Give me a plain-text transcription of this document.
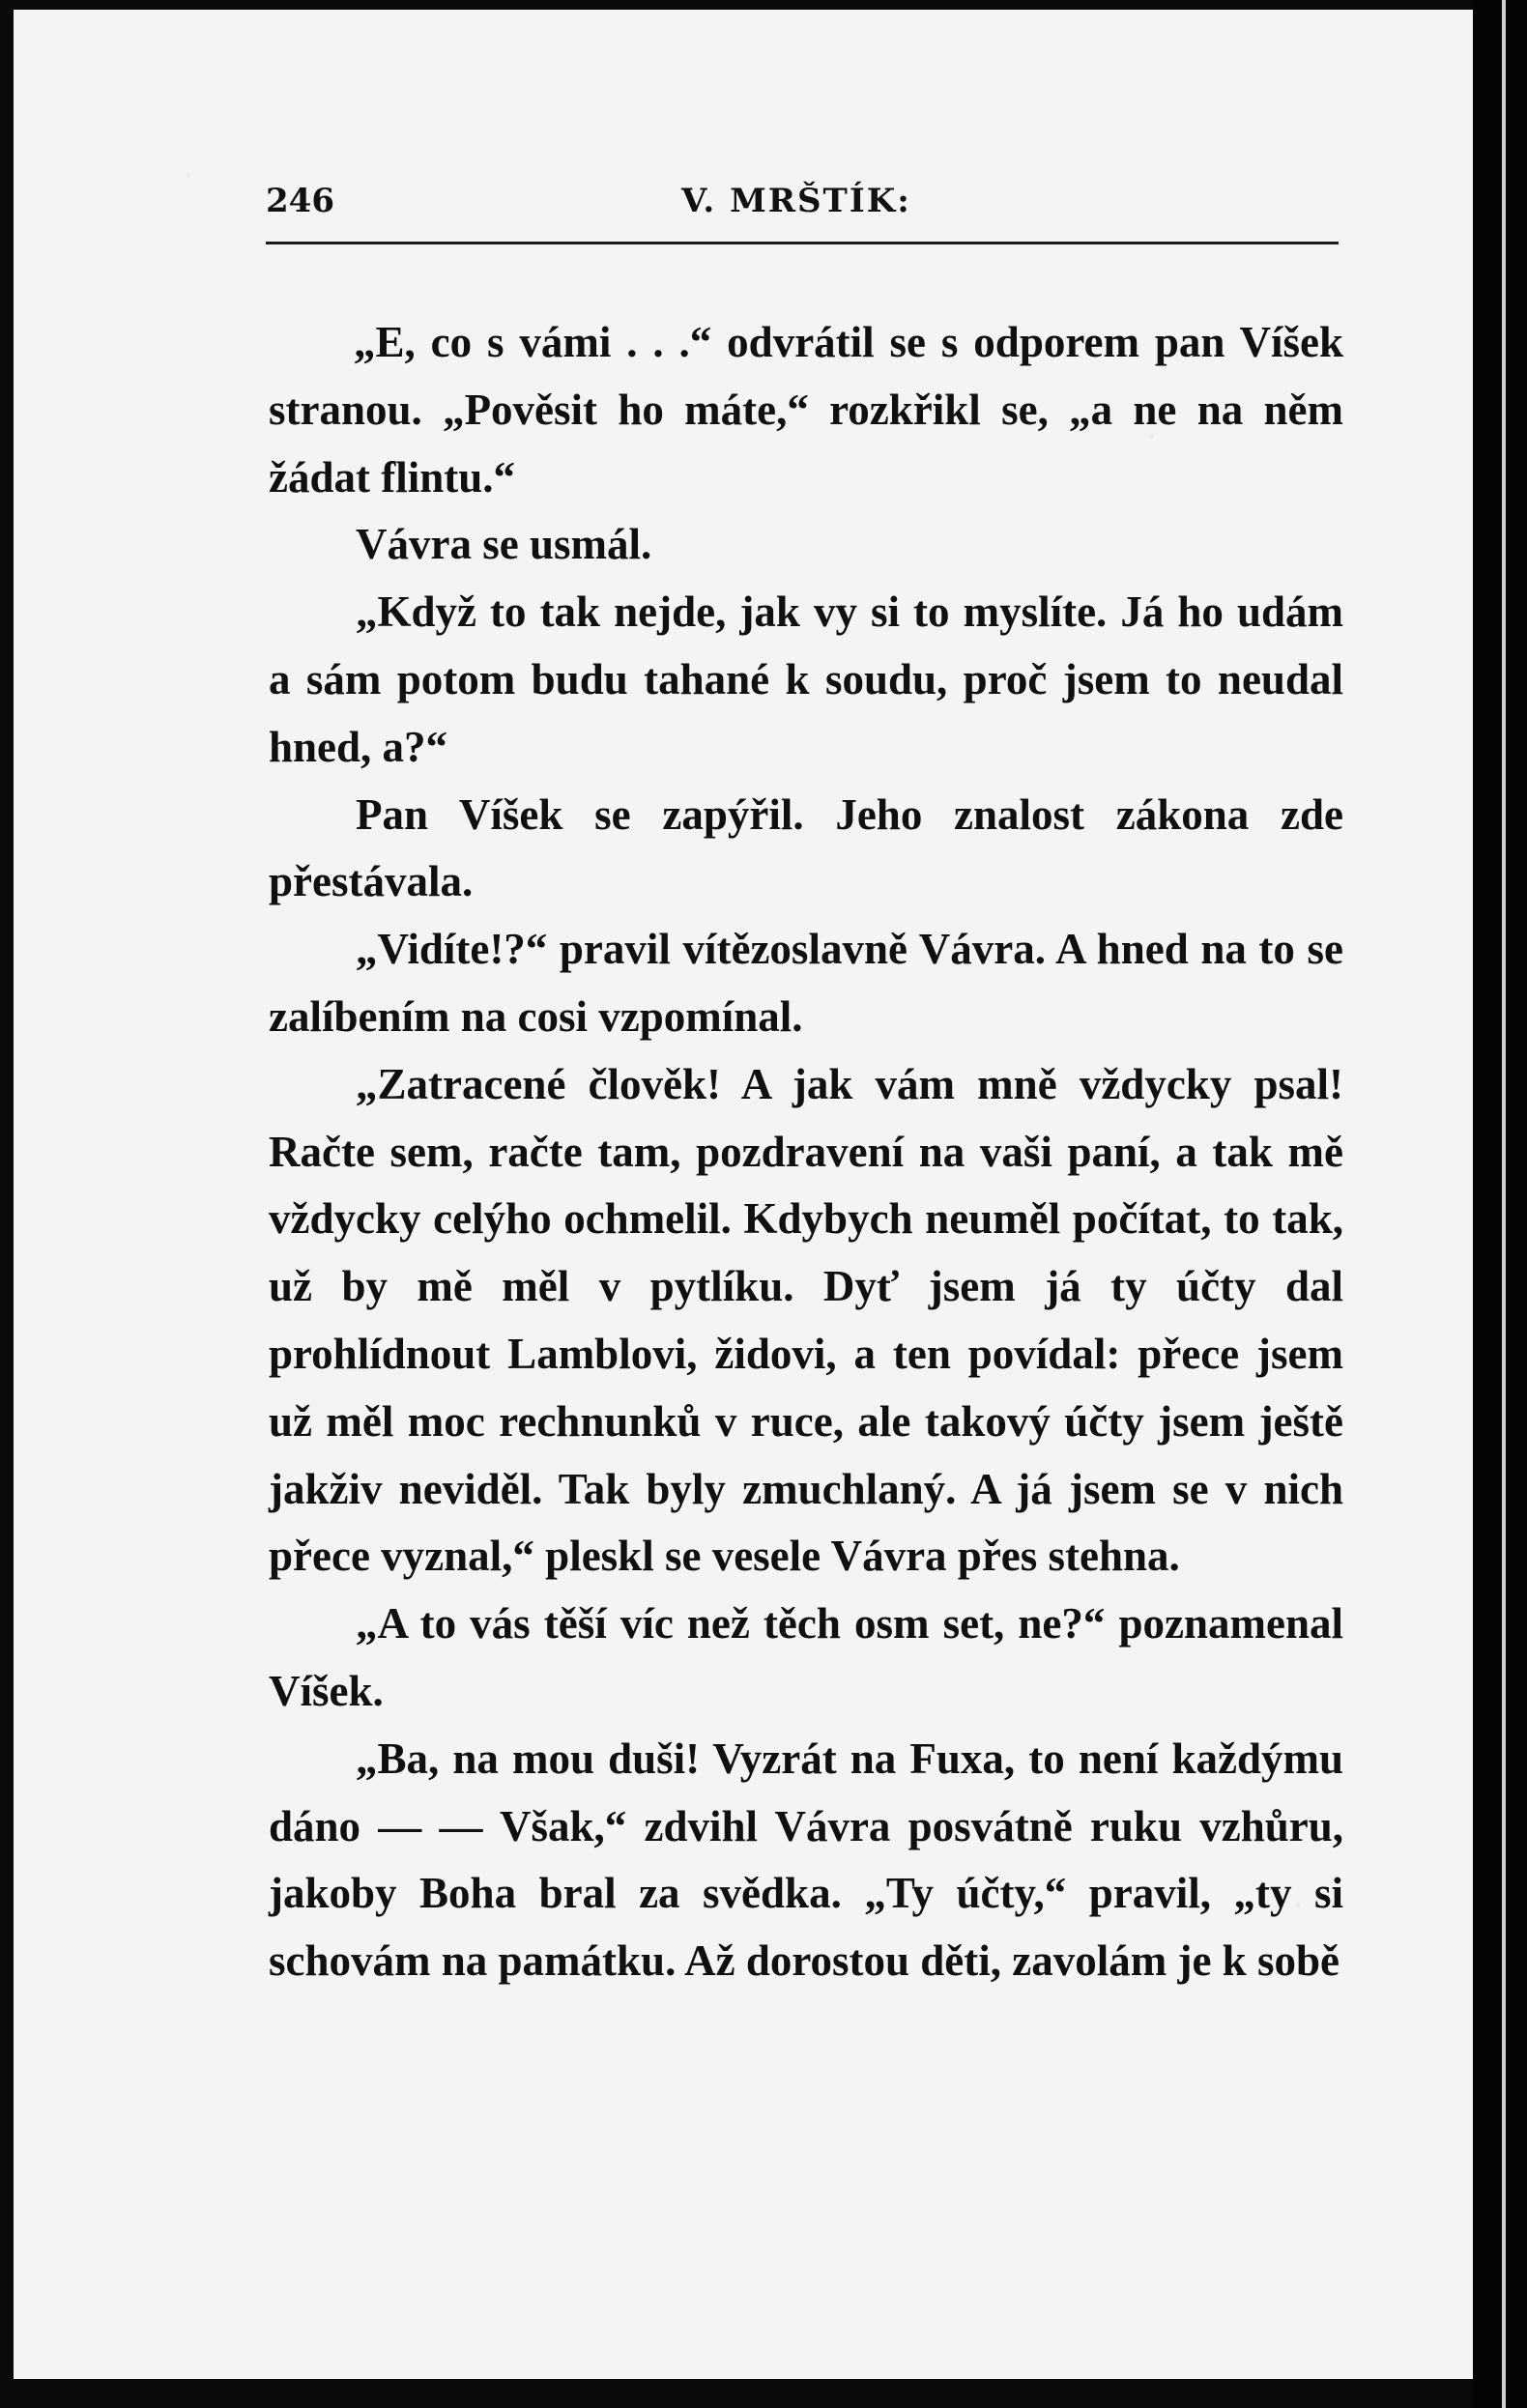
246	V. MRŠTÍK:

„E, co s vámi . . .“ odvrátil se s odporem pan Víšek stranou. „Pověsit ho máte,“ rozkřikl se, „a ne na něm žádat flintu.“

Vávra se usmál.

„Když to tak nejde, jak vy si to myslíte. Já ho udám a sám potom budu tahané k soudu, proč jsem to neudal hned, a?“

Pan Víšek se zapýřil. Jeho znalost zákona zde přestávala.

„Vidíte!?“ pravil vítězoslavně Vávra. A hned na to se zalíbením na cosi vzpomínal.

„Zatracené člověk! A jak vám mně vždycky psal! Račte sem, račte tam, pozdravení na vaši paní, a tak mě vždycky celýho ochmelil. Kdybych neuměl počítat, to tak, už by mě měl v pytlíku. Dyť jsem já ty účty dal prohlídnout Lamblovi, židovi, a ten povídal: přece jsem už měl moc rechnunků v ruce, ale takový účty jsem ještě jakživ neviděl. Tak byly zmuchlaný. A já jsem se v nich přece vyznal,“ pleskl se vesele Vávra přes stehna.

„A to vás těší víc než těch osm set, ne?“ poznamenal Víšek.

„Ba, na mou duši! Vyzrát na Fuxa, to není každýmu dáno — — Však,“ zdvihl Vávra posvátně ruku vzhůru, jakoby Boha bral za svědka. „Ty účty,“ pravil, „ty si schovám na památku. Až dorostou děti, zavolám je k sobě
